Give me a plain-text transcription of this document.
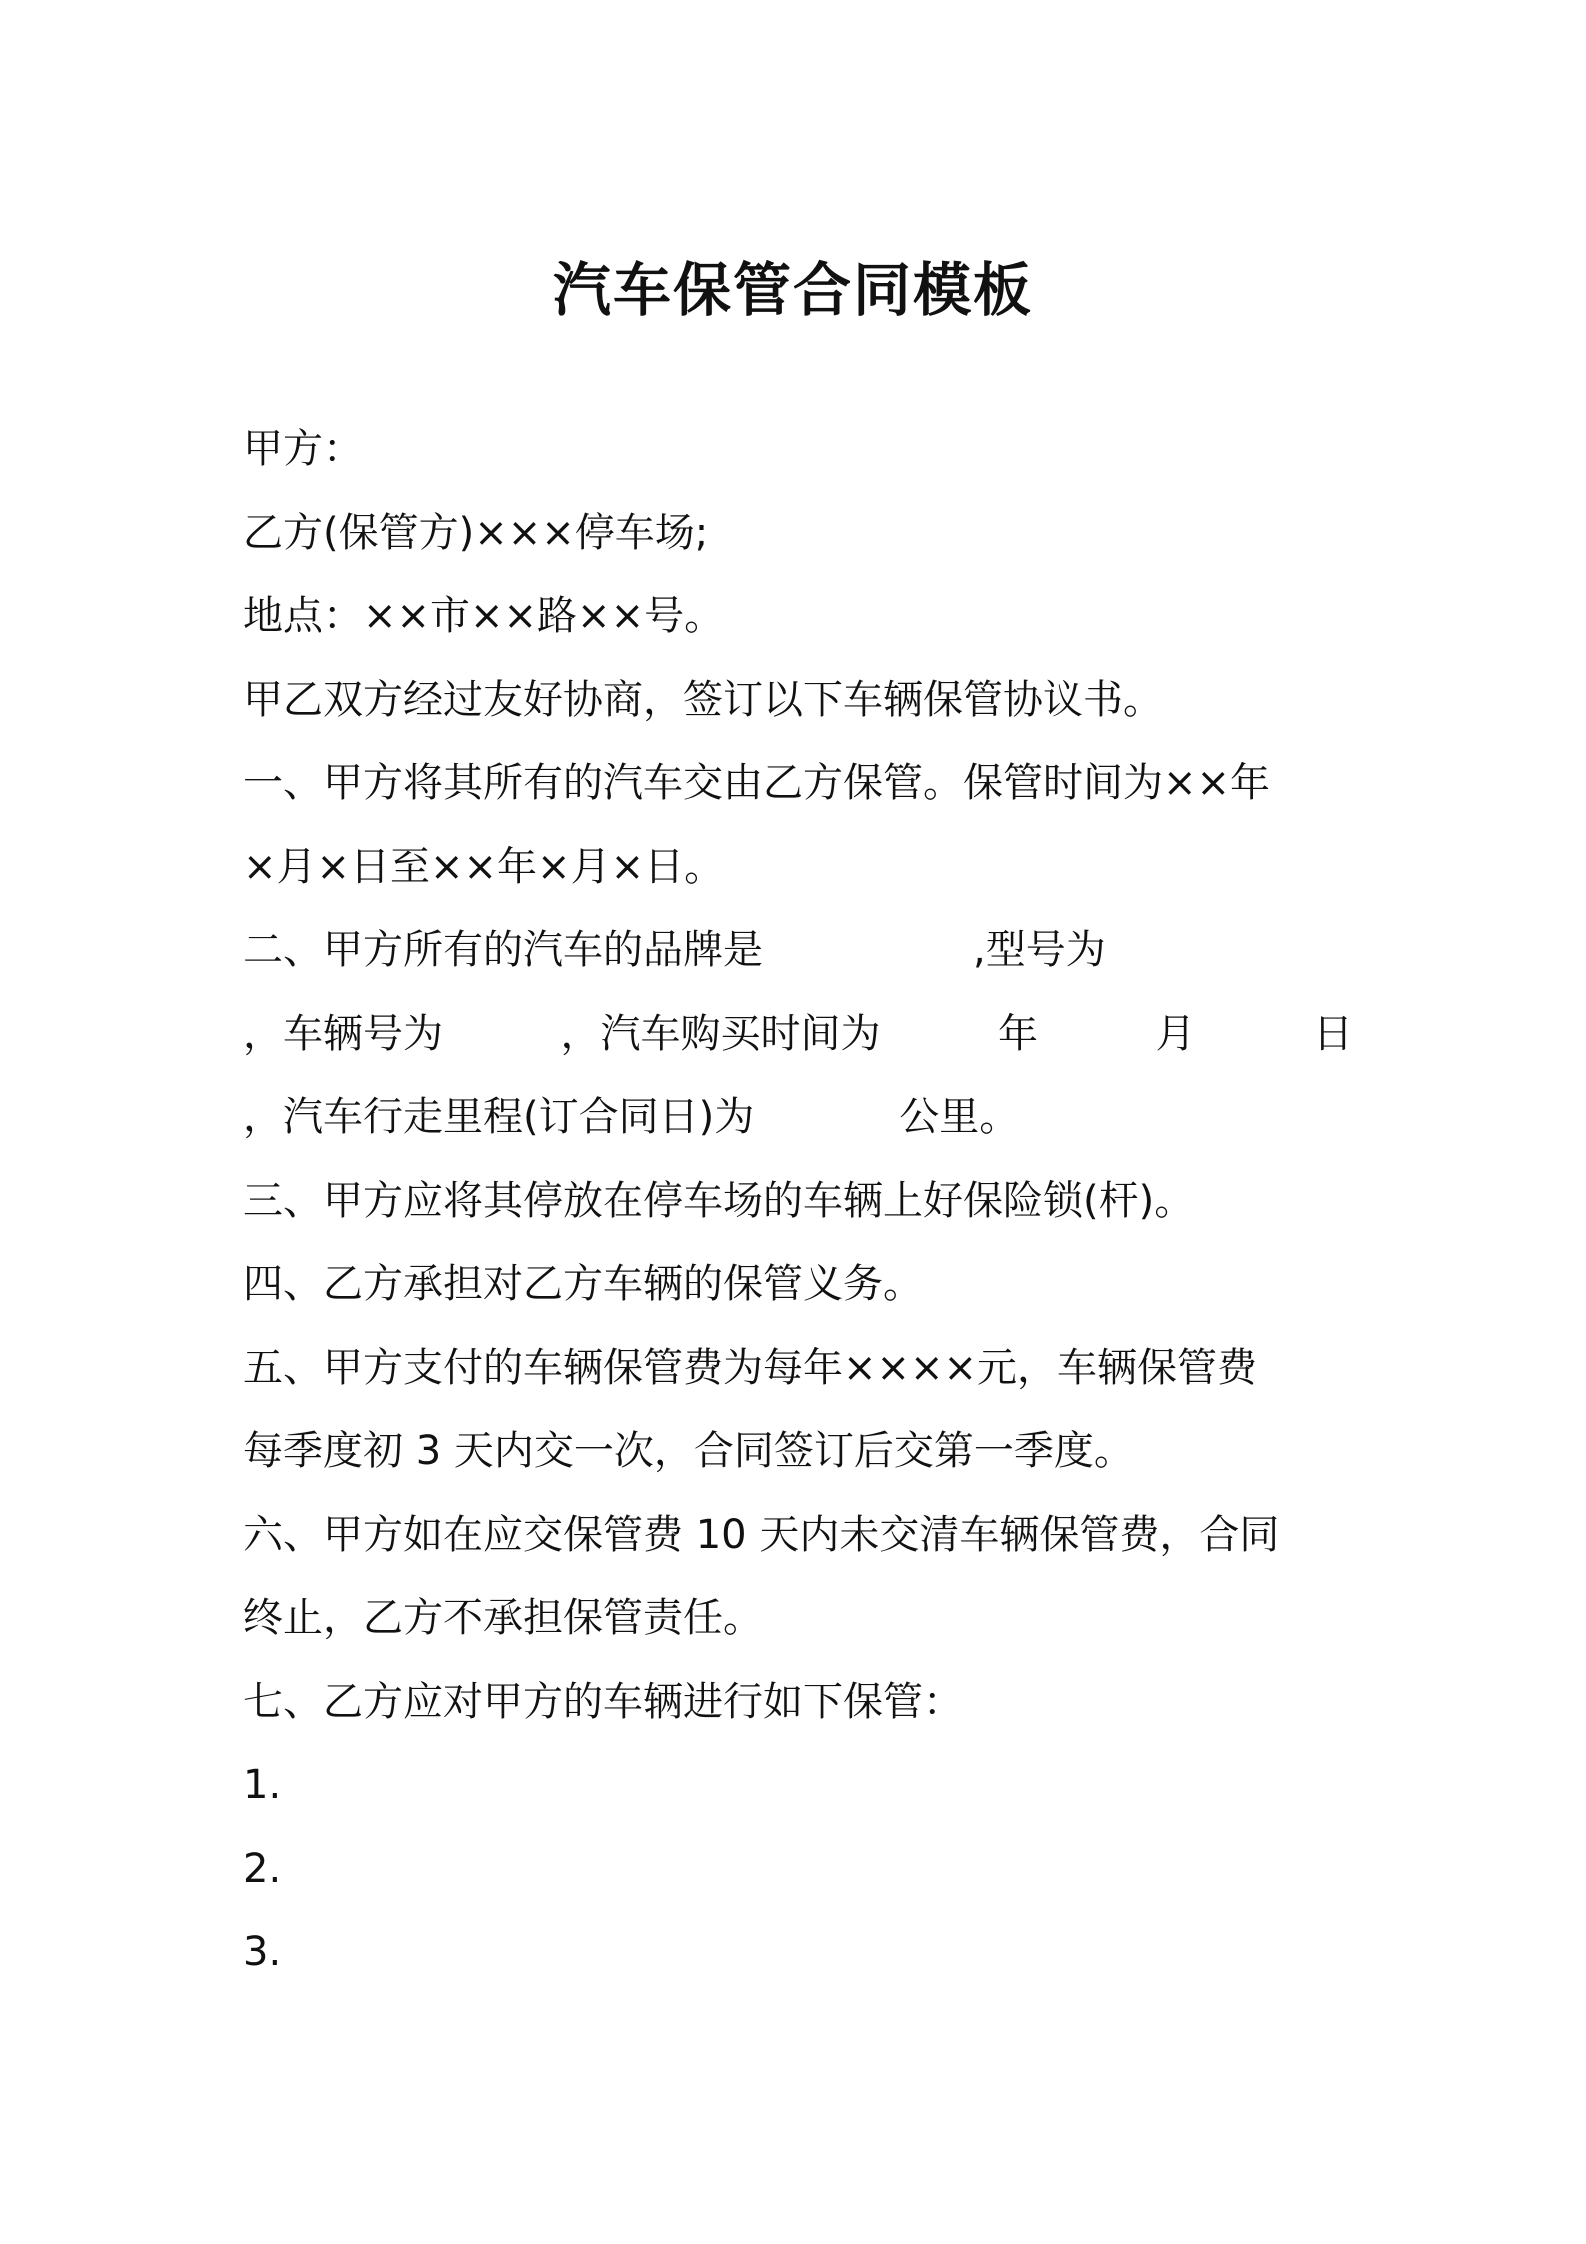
汽车保管合同模板
甲方：
乙方(保管方)×××停车场;
地点：××市××路××号。
甲乙双方经过友好协商，签订以下车辆保管协议书。
一、甲方将其所有的汽车交由乙方保管。保管时间为××年
×月×日至××年×月×日。
二、甲方所有的汽车的品牌是	,型号为
，车辆号为	，汽车购买时间为	年	月	日
，汽车行走里程(订合同日)为	公里。
三、甲方应将其停放在停车场的车辆上好保险锁(杆)。
四、乙方承担对乙方车辆的保管义务。
五、甲方支付的车辆保管费为每年××××元，车辆保管费
每季度初 3 天内交一次，合同签订后交第一季度。
六、甲方如在应交保管费 10 天内未交清车辆保管费，合同
终止，乙方不承担保管责任。
七、乙方应对甲方的车辆进行如下保管：
1.
2.
3.
